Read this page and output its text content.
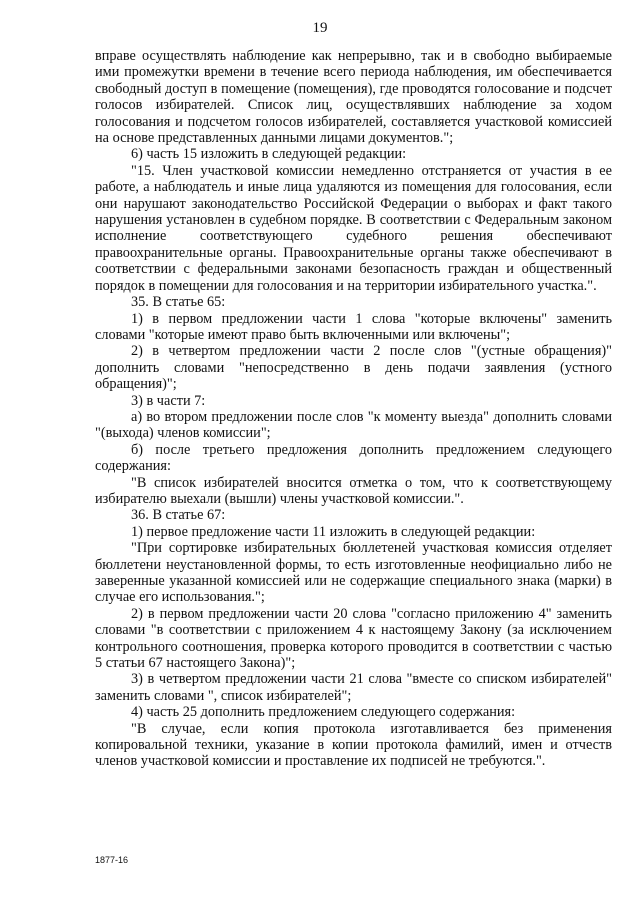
19

вправе осуществлять наблюдение как непрерывно, так и в свободно выбираемые ими промежутки времени в течение всего периода наблюдения, им обеспечивается свободный доступ в помещение (помещения), где проводятся голосование и подсчет голосов избирателей. Список лиц, осуществлявших наблюдение за ходом голосования и подсчетом голосов избирателей, составляется участковой комиссией на основе представленных данными лицами документов.";

6) часть 15 изложить в следующей редакции:

"15. Член участковой комиссии немедленно отстраняется от участия в ее работе, а наблюдатель и иные лица удаляются из помещения для голосования, если они нарушают законодательство Российской Федерации о выборах и факт такого нарушения установлен в судебном порядке. В соответствии с Федеральным законом исполнение соответствующего судебного решения обеспечивают правоохранительные органы. Правоохранительные органы также обеспечивают в соответствии с федеральными законами безопасность граждан и общественный порядок в помещении для голосования и на территории избирательного участка.".

35. В статье 65:

1) в первом предложении части 1 слова "которые включены" заменить словами "которые имеют право быть включенными или включены";

2) в четвертом предложении части 2 после слов "(устные обращения)" дополнить словами "непосредственно в день подачи заявления (устного обращения)";

3) в части 7:

а) во втором предложении после слов "к моменту выезда" дополнить словами "(выхода) членов комиссии";

б) после третьего предложения дополнить предложением следующего содержания:

"В список избирателей вносится отметка о том, что к соответствующему избирателю выехали (вышли) члены участковой комиссии.".

36. В статье 67:

1) первое предложение части 11 изложить в следующей редакции:

"При сортировке избирательных бюллетеней участковая комиссия отделяет бюллетени неустановленной формы, то есть изготовленные неофициально либо не заверенные указанной комиссией или не содержащие специального знака (марки) в случае его использования.";

2) в первом предложении части 20 слова "согласно приложению 4" заменить словами "в соответствии с приложением 4 к настоящему Закону (за исключением контрольного соотношения, проверка которого проводится в соответствии с частью 5 статьи 67 настоящего Закона)";

3) в четвертом предложении части 21 слова "вместе со списком избирателей" заменить словами ", список избирателей";

4) часть 25 дополнить предложением следующего содержания:

"В случае, если копия протокола изготавливается без применения копировальной техники, указание в копии протокола фамилий, имен и отчеств членов участковой комиссии и проставление их подписей не требуются.".

1877-16
